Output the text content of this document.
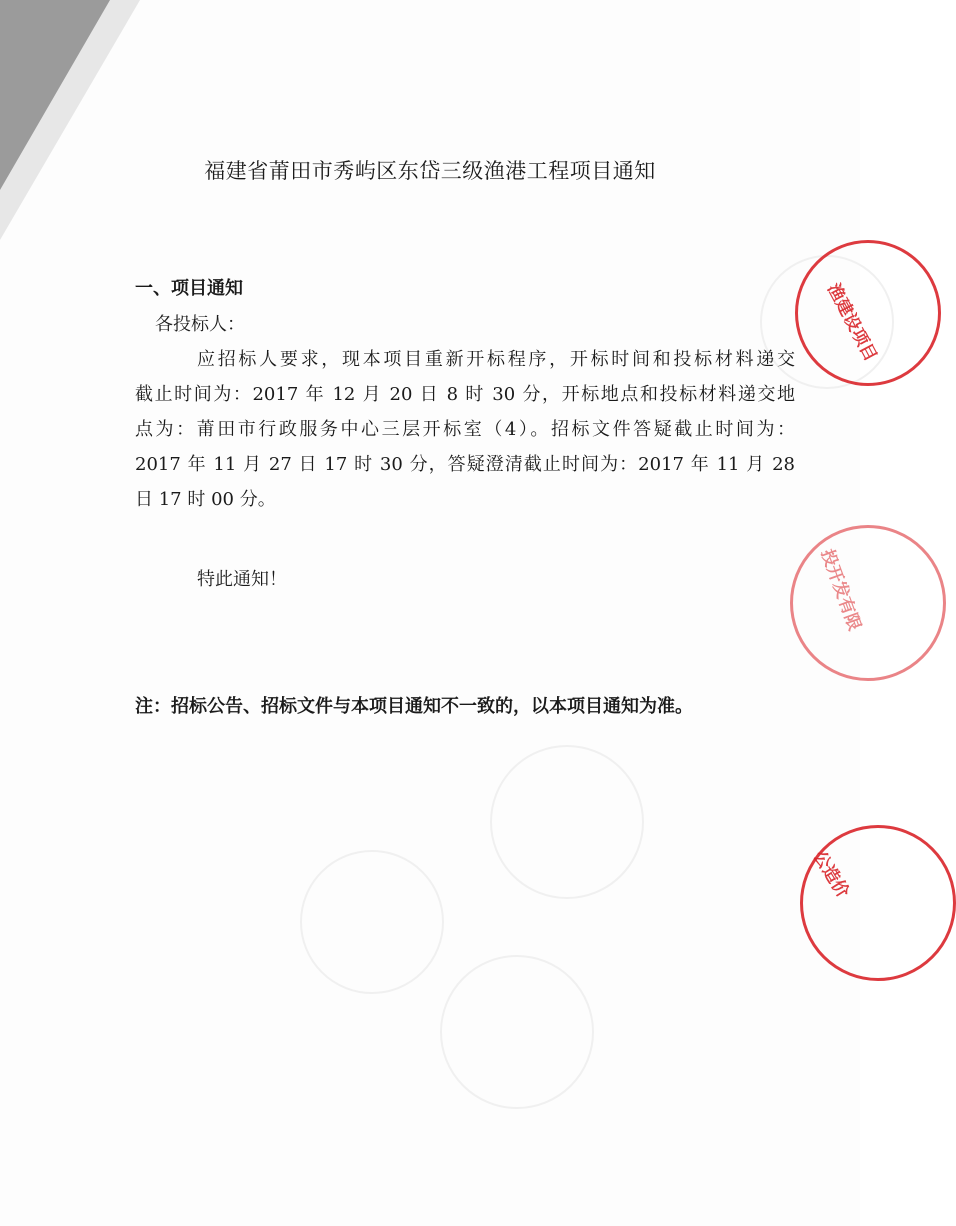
福建省莆田市秀屿区东岱三级渔港工程项目通知
一、项目通知
各投标人：
应招标人要求，现本项目重新开标程序，开标时间和投标材料递交
截止时间为：2017 年 12 月 20 日 8 时 30 分，开标地点和投标材料递交地
点为：莆田市行政服务中心三层开标室（4）。招标文件答疑截止时间为：
2017 年 11 月 27 日 17 时 30 分，答疑澄清截止时间为：2017 年 11 月 28
日 17 时 00 分。
特此通知！
注：招标公告、招标文件与本项目通知不一致的，以本项目通知为准。
渔建设项目
投开发有限
公造价
